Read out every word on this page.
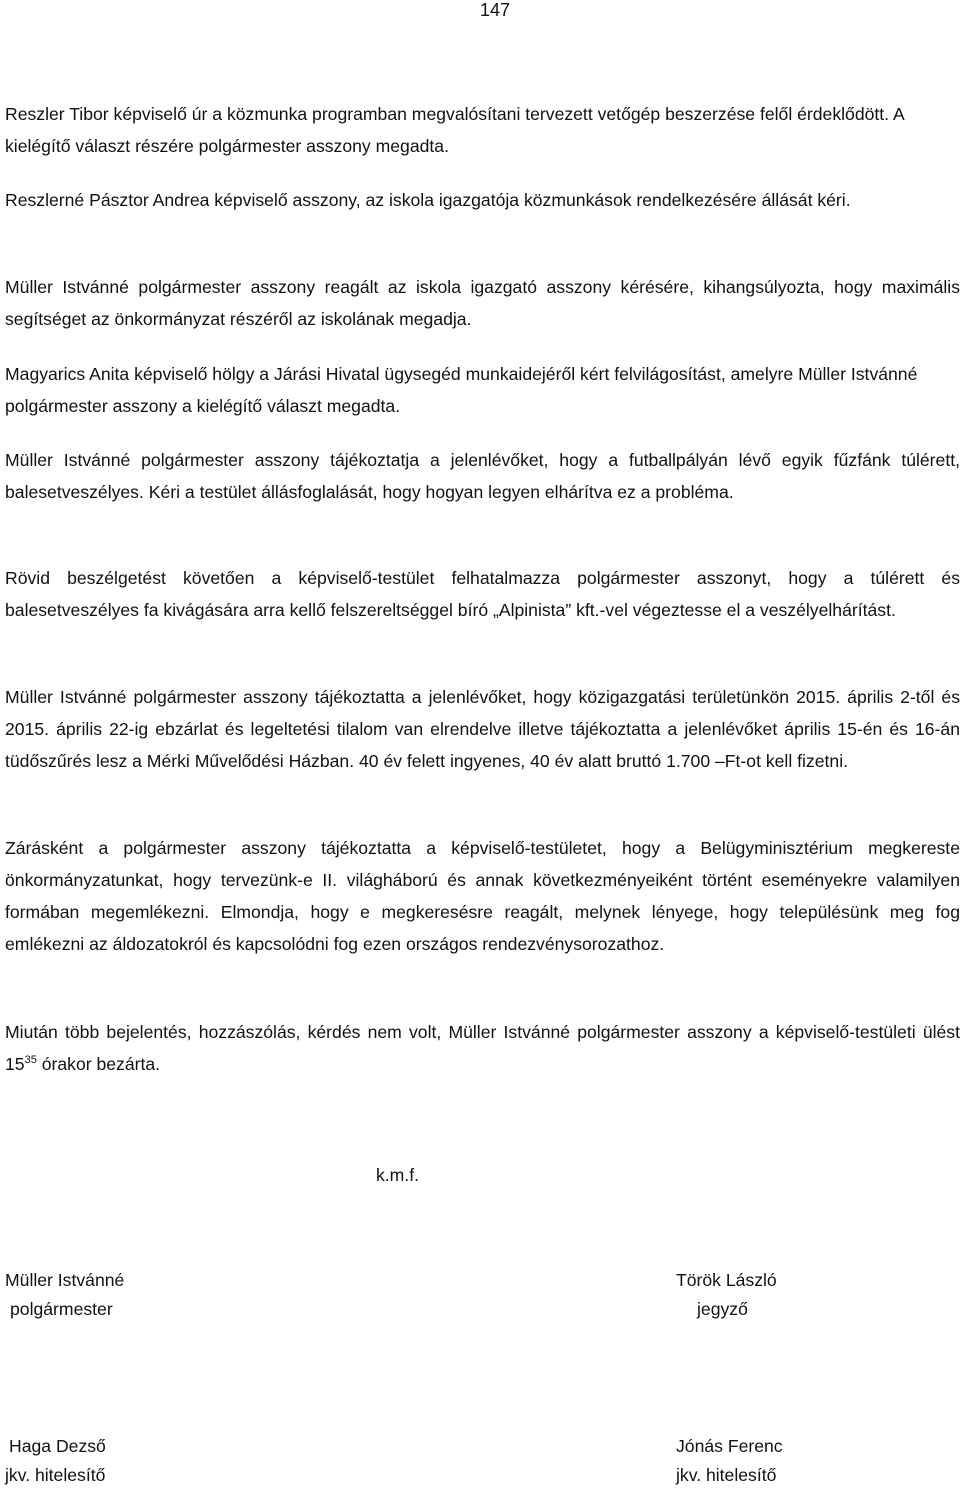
147

Reszler Tibor képviselő úr a közmunka programban megvalósítani tervezett vetőgép beszerzése felől érdeklődött. A kielégítő választ részére polgármester asszony megadta.

Reszlerné Pásztor Andrea képviselő asszony, az iskola igazgatója közmunkások rendelkezésére állását kéri.

Müller Istvánné polgármester asszony reagált az iskola igazgató asszony kérésére, kihangsúlyozta, hogy maximális segítséget az önkormányzat részéről az iskolának megadja.

Magyarics Anita képviselő hölgy a Járási Hivatal ügysegéd munkaidejéről kért felvilágosítást, amelyre Müller Istvánné polgármester asszony a kielégítő választ megadta.

Müller Istvánné polgármester asszony tájékoztatja a jelenlévőket, hogy a futballpályán lévő egyik fűzfánk túlérett, balesetveszélyes. Kéri a testület állásfoglalását, hogy hogyan legyen elhárítva ez a probléma.

Rövid beszélgetést követően a képviselő-testület felhatalmazza polgármester asszonyt, hogy a túlérett és balesetveszélyes fa kivágására arra kellő felszereltséggel bíró „Alpinista” kft.-vel végeztesse el a veszélyelhárítást.

Müller Istvánné polgármester asszony tájékoztatta a jelenlévőket, hogy közigazgatási területünkön 2015. április 2-től és 2015. április 22-ig ebzárlat és legeltetési tilalom van elrendelve illetve tájékoztatta a jelenlévőket április 15-én és 16-án tüdőszűrés lesz a Mérki Művelődési Házban. 40 év felett ingyenes, 40 év alatt bruttó 1.700 –Ft-ot kell fizetni.

Zárásként a polgármester asszony tájékoztatta a képviselő-testületet, hogy a Belügyminisztérium megkereste önkormányzatunkat, hogy tervezünk-e II. világháború és annak következményeiként történt eseményekre valamilyen formában megemlékezni. Elmondja, hogy e megkeresésre reagált, melynek lényege, hogy településünk meg fog emlékezni az áldozatokról és kapcsolódni fog ezen országos rendezvénysorozathoz.

Miután több bejelentés, hozzászólás, kérdés nem volt, Müller Istvánné polgármester asszony a képviselő-testületi ülést $15^{35}$ órakor bezárta.

k.m.f.
Müller Istvánné
polgármester
Török László
jegyző
Haga Dezső
jkv. hitelesítő
Jónás Ferenc
jkv. hitelesítő
